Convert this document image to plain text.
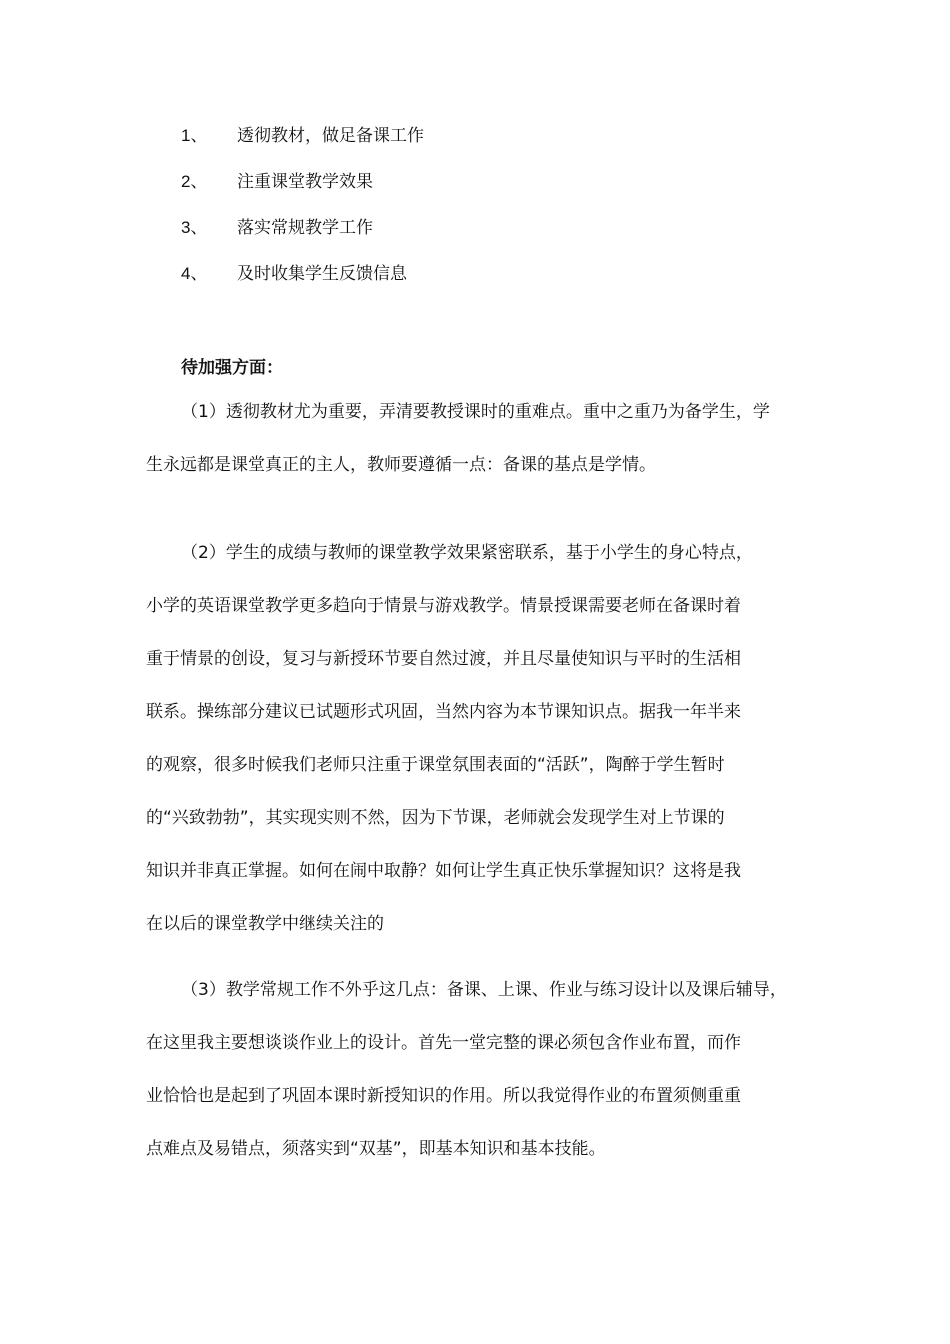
1、	透彻教材，做足备课工作
2、	注重课堂教学效果
3、	落实常规教学工作
4、	及时收集学生反馈信息
待加强方面：
（1）透彻教材尤为重要，弄清要教授课时的重难点。重中之重乃为备学生，学
生永远都是课堂真正的主人，教师要遵循一点：备课的基点是学情。
（2）学生的成绩与教师的课堂教学效果紧密联系，基于小学生的身心特点，
小学的英语课堂教学更多趋向于情景与游戏教学。情景授课需要老师在备课时着
重于情景的创设，复习与新授环节要自然过渡，并且尽量使知识与平时的生活相
联系。操练部分建议已试题形式巩固，当然内容为本节课知识点。据我一年半来
的观察，很多时候我们老师只注重于课堂氛围表面的“活跃”，陶醉于学生暂时
的“兴致勃勃”，其实现实则不然，因为下节课，老师就会发现学生对上节课的
知识并非真正掌握。如何在闹中取静？如何让学生真正快乐掌握知识？这将是我
在以后的课堂教学中继续关注的
（3）教学常规工作不外乎这几点：备课、上课、作业与练习设计以及课后辅导，
在这里我主要想谈谈作业上的设计。首先一堂完整的课必须包含作业布置，而作
业恰恰也是起到了巩固本课时新授知识的作用。所以我觉得作业的布置须侧重重
点难点及易错点，须落实到“双基”，即基本知识和基本技能。
